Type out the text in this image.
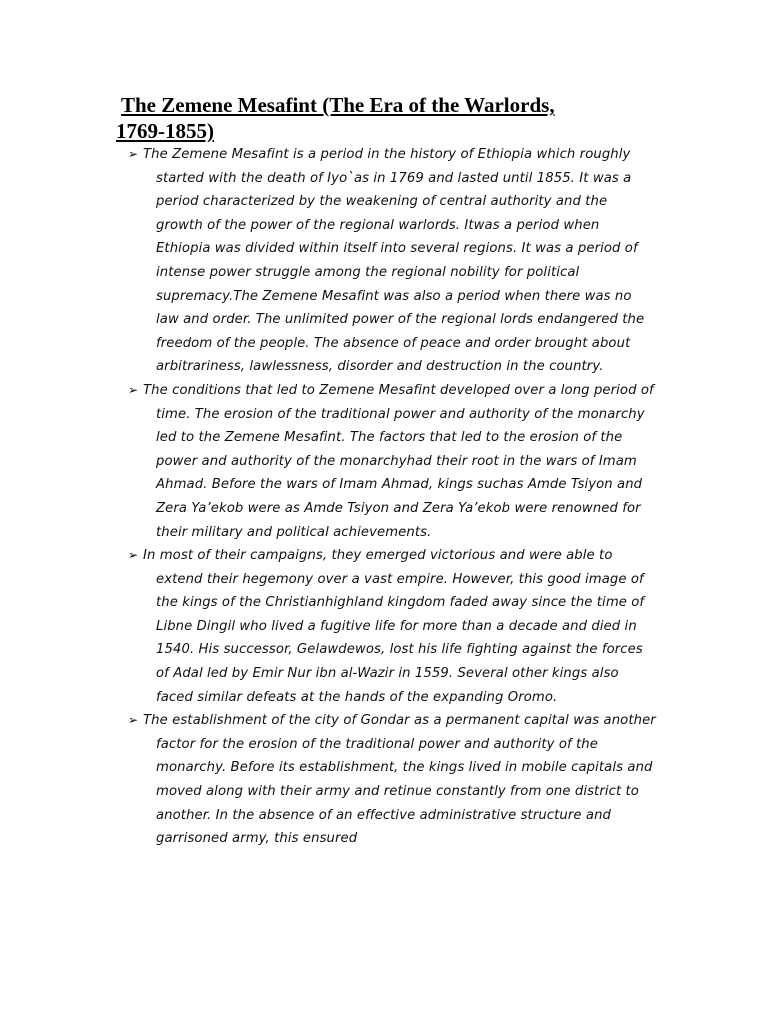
The Zemene Mesafint (The Era of the Warlords, 1769-1855)
➢ The Zemene Mesafint is a period in the history of Ethiopia which roughly started with the death of Iyo`as in 1769 and lasted until 1855. It was a period characterized by the weakening of central authority and the growth of the power of the regional warlords. Itwas a period when Ethiopia was divided within itself into several regions. It was a period of intense power struggle among the regional nobility for political supremacy.The Zemene Mesafint was also a period when there was no law and order. The unlimited power of the regional lords endangered the freedom of the people. The absence of peace and order brought about arbitrariness, lawlessness, disorder and destruction in the country.
➢ The conditions that led to Zemene Mesafint developed over a long period of time. The erosion of the traditional power and authority of the monarchy led to the Zemene Mesafint. The factors that led to the erosion of the power and authority of the monarchyhad their root in the wars of Imam Ahmad. Before the wars of Imam Ahmad, kings suchas Amde Tsiyon and Zera Ya’ekob were as Amde Tsiyon and Zera Ya’ekob were renowned for their military and political achievements.
➢ In most of their campaigns, they emerged victorious and were able to extend their hegemony over a vast empire. However, this good image of the kings of the Christianhighland kingdom faded away since the time of Libne Dingil who lived a fugitive life for more than a decade and died in 1540. His successor, Gelawdewos, lost his life fighting against the forces of Adal led by Emir Nur ibn al-Wazir in 1559. Several other kings also faced similar defeats at the hands of the expanding Oromo.
➢ The establishment of the city of Gondar as a permanent capital was another factor for the erosion of the traditional power and authority of the monarchy. Before its establishment, the kings lived in mobile capitals and moved along with their army and retinue constantly from one district to another. In the absence of an effective administrative structure and garrisoned army, this ensured
